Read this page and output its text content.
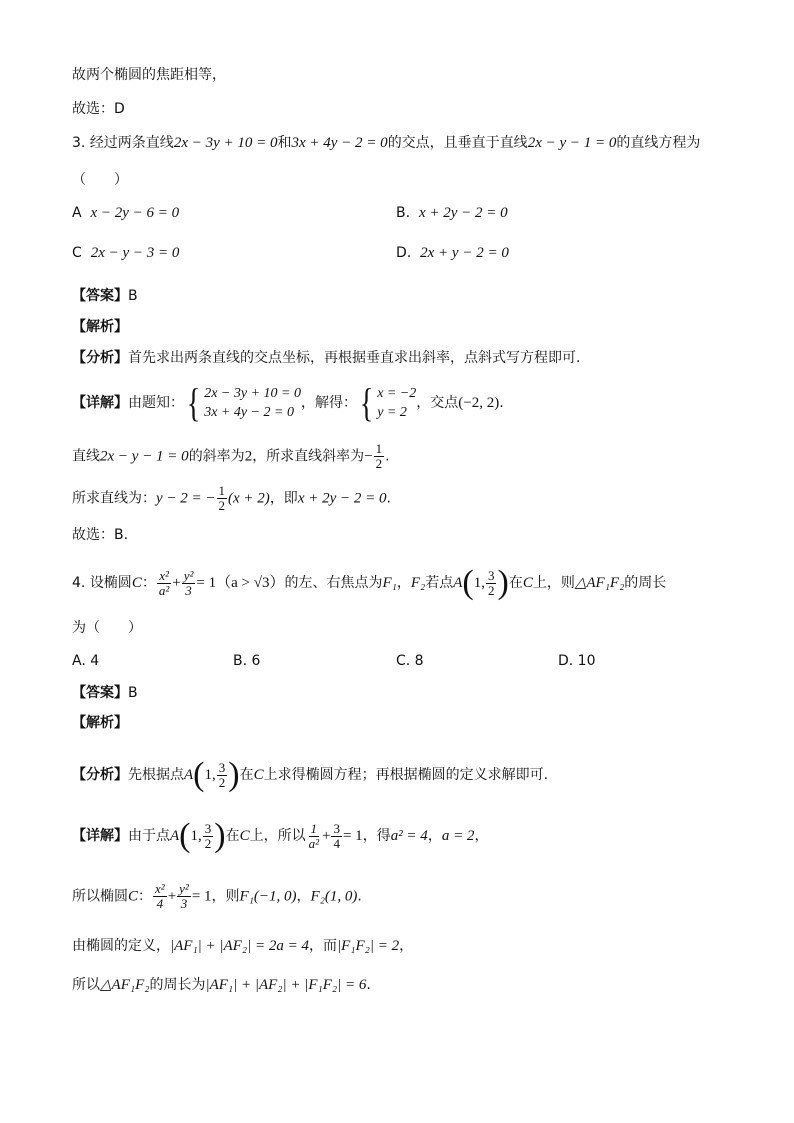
故两个椭圆的焦距相等，
故选：D
3. 经过两条直线2x − 3y + 10 = 0和3x + 4y − 2 = 0的交点，且垂直于直线2x − y − 1 = 0的直线方程为
（　　）
A x − 2y − 6 = 0	B. x + 2y − 2 = 0
C 2x − y − 3 = 0	D. 2x + y − 2 = 0
【答案】B
【解析】
【分析】首先求出两条直线的交点坐标，再根据垂直求出斜率，点斜式写方程即可.
【详解】由题知： { 2x − 3y + 10 = 0
3x + 4y − 2 = 0
，解得： { x = −2
y = 2
，交点(−2, 2).
直线2x − y − 1 = 0的斜率为2，所求直线斜率为− $\frac{1}{2}$ .
所求直线为：y − 2 = − $\frac{1}{2} (x + 2)$，即x + 2y − 2 = 0.
故选：B.
4. 设椭圆C： $\frac{\text{x²}}{\text{a²}} + \frac{\text{y²}}{3} = 1(a > √3)$的左、右焦点为F₁，F₂若点A(1, $\frac{3}{2}$ )在C上，则△AF₁F₂的周长
为（　　）
A. 4	B. 6	C. 8	D. 10
【答案】B
【解析】
【分析】先根据点A(1, $\frac{3}{2}$ )在C上求得椭圆方程；再根据椭圆的定义求解即可.
【详解】由于点A(1, $\frac{3}{2}$ )在C上，所以 $\frac{1}{\text{a²}} + \frac{3}{4} = 1$，得a² = 4，a = 2，
所以椭圆C： $\frac{\text{x²}}{4} + \frac{\text{y²}}{3} = 1$，则F₁(−1, 0)，F₂(1, 0).
由椭圆的定义，|AF₁| + |AF₂| = 2a = 4，而|F₁F₂| = 2，
所以△AF₁F₂的周长为|AF₁| + |AF₂| + |F₁F₂| = 6.
